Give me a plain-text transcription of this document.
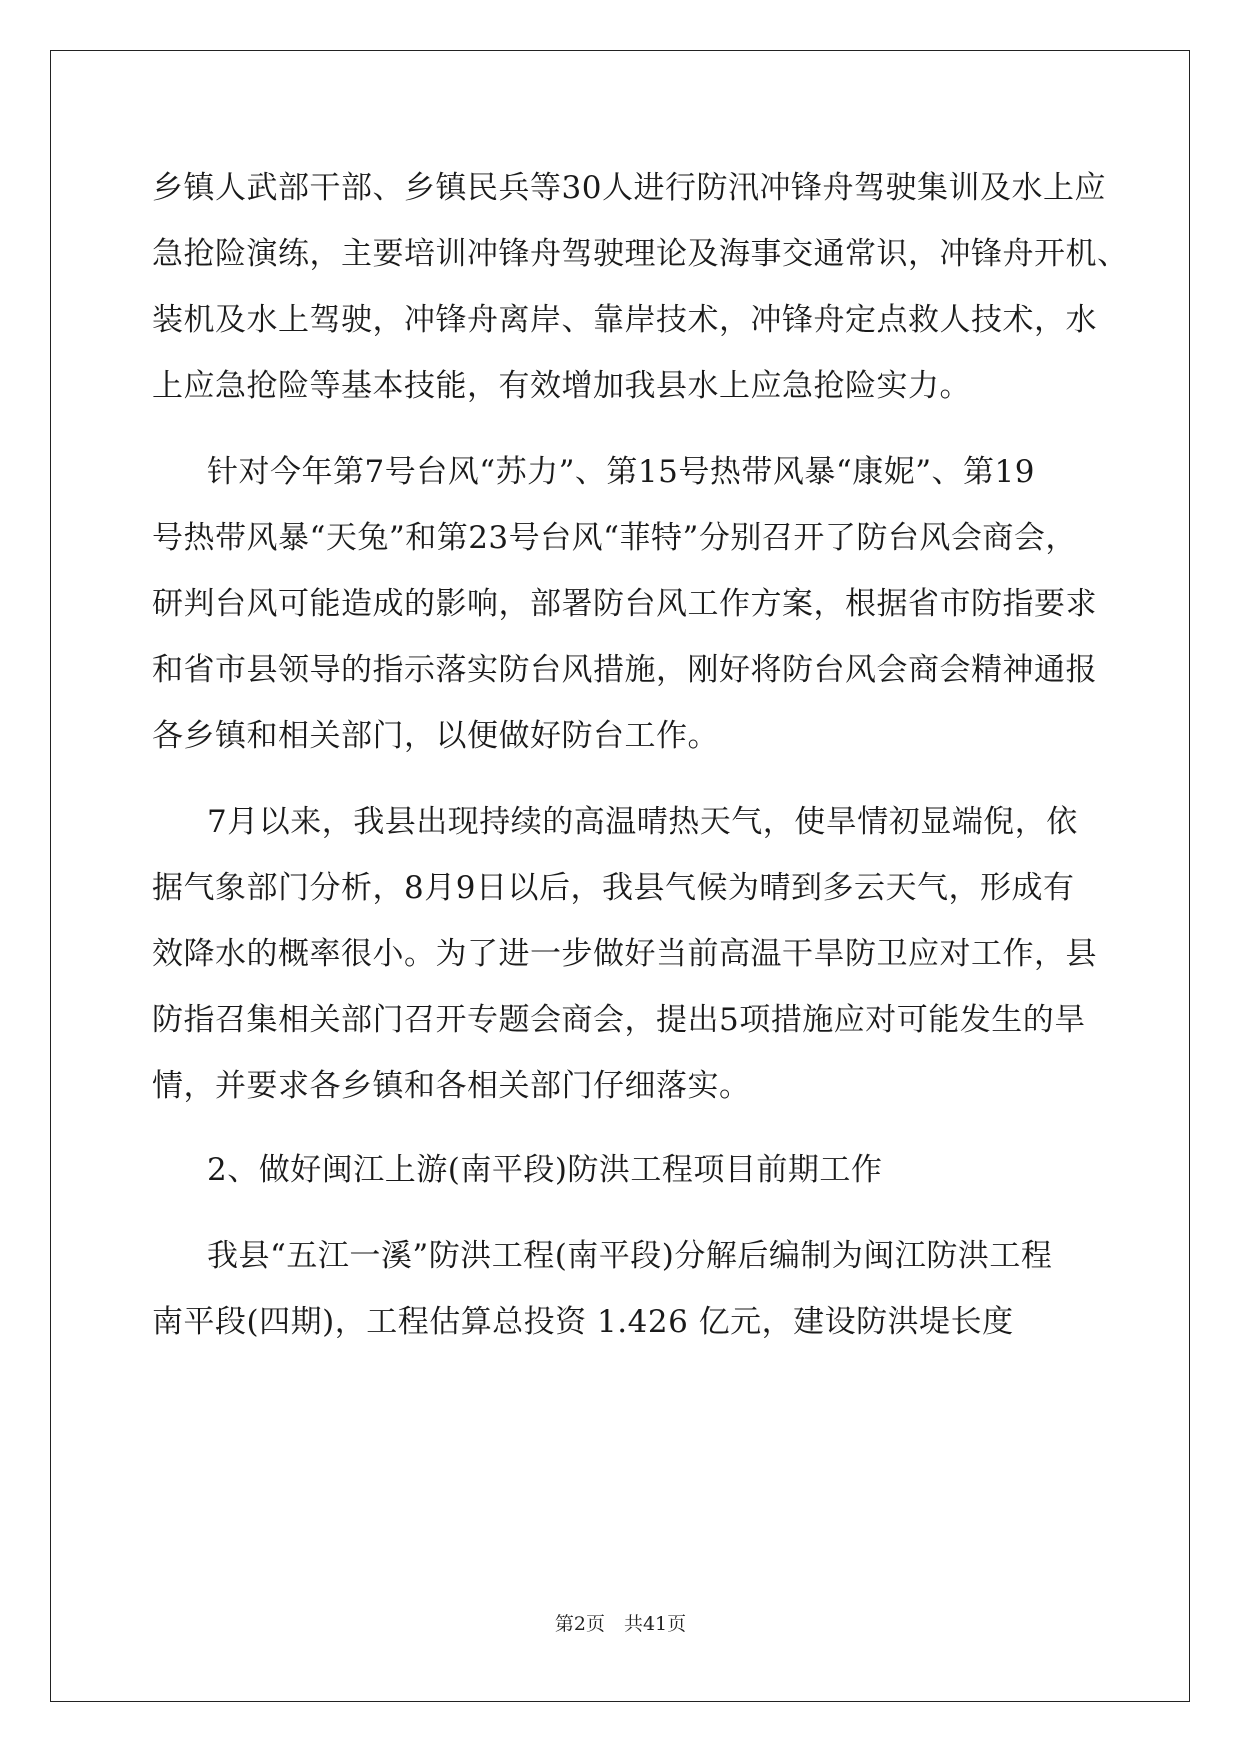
乡镇人武部干部、乡镇民兵等30人进行防汛冲锋舟驾驶集训及水上应
急抢险演练，主要培训冲锋舟驾驶理论及海事交通常识，冲锋舟开机、
装机及水上驾驶，冲锋舟离岸、靠岸技术，冲锋舟定点救人技术，水
上应急抢险等基本技能，有效增加我县水上应急抢险实力。
针对今年第7号台风“苏力”、第15号热带风暴“康妮”、第19
号热带风暴“天兔”和第23号台风“菲特”分别召开了防台风会商会，
研判台风可能造成的影响，部署防台风工作方案，根据省市防指要求
和省市县领导的指示落实防台风措施，刚好将防台风会商会精神通报
各乡镇和相关部门，以便做好防台工作。
7月以来，我县出现持续的高温晴热天气，使旱情初显端倪，依
据气象部门分析，8月9日以后，我县气候为晴到多云天气，形成有
效降水的概率很小。为了进一步做好当前高温干旱防卫应对工作，县
防指召集相关部门召开专题会商会，提出5项措施应对可能发生的旱
情，并要求各乡镇和各相关部门仔细落实。
2、做好闽江上游(南平段)防洪工程项目前期工作
我县“五江一溪”防洪工程(南平段)分解后编制为闽江防洪工程
南平段(四期)，工程估算总投资 1.426 亿元，建设防洪堤长度
第2页　共41页
